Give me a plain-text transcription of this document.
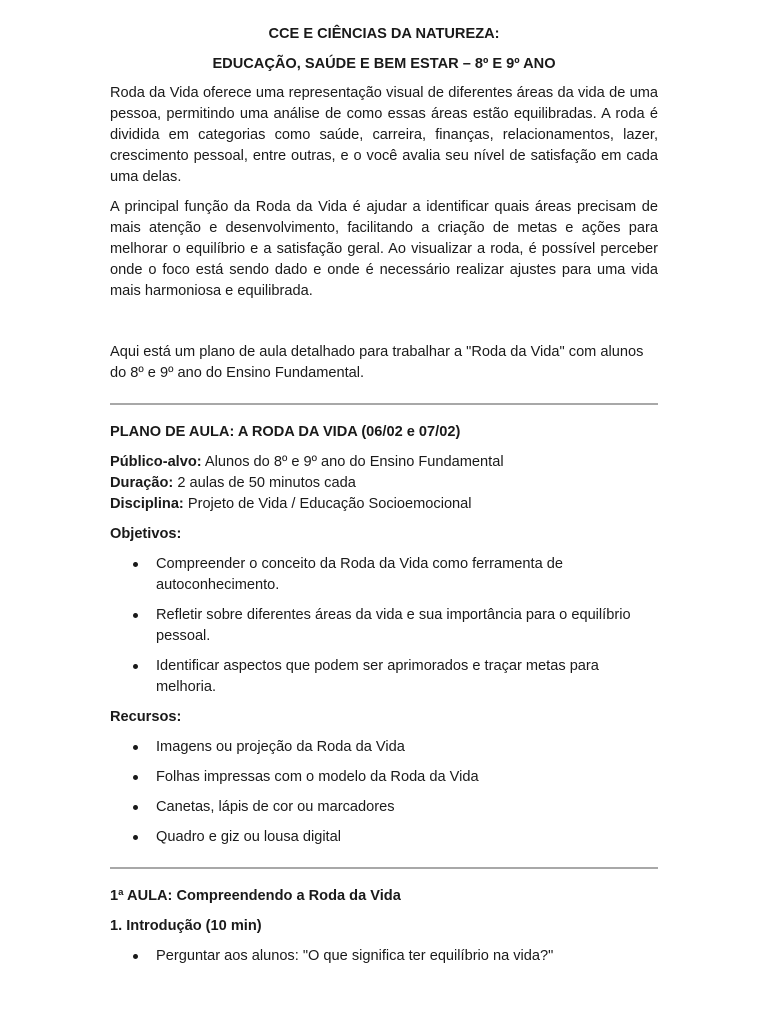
CCE E CIÊNCIAS DA NATUREZA:
EDUCAÇÃO, SAÚDE E BEM ESTAR – 8º E 9º ANO

Roda da Vida oferece uma representação visual de diferentes áreas da vida de uma pessoa, permitindo uma análise de como essas áreas estão equilibradas. A roda é dividida em categorias como saúde, carreira, finanças, relacionamentos, lazer, crescimento pessoal, entre outras, e o você avalia seu nível de satisfação em cada uma delas.

A principal função da Roda da Vida é ajudar a identificar quais áreas precisam de mais atenção e desenvolvimento, facilitando a criação de metas e ações para melhorar o equilíbrio e a satisfação geral. Ao visualizar a roda, é possível perceber onde o foco está sendo dado e onde é necessário realizar ajustes para uma vida mais harmoniosa e equilibrada.

Aqui está um plano de aula detalhado para trabalhar a "Roda da Vida" com alunos do 8º e 9º ano do Ensino Fundamental.

PLANO DE AULA: A RODA DA VIDA (06/02 e 07/02)
Público-alvo: Alunos do 8º e 9º ano do Ensino Fundamental
Duração: 2 aulas de 50 minutos cada
Disciplina: Projeto de Vida / Educação Socioemocional
Objetivos:
Compreender o conceito da Roda da Vida como ferramenta de autoconhecimento.
Refletir sobre diferentes áreas da vida e sua importância para o equilíbrio pessoal.
Identificar aspectos que podem ser aprimorados e traçar metas para melhoria.
Recursos:
Imagens ou projeção da Roda da Vida
Folhas impressas com o modelo da Roda da Vida
Canetas, lápis de cor ou marcadores
Quadro e giz ou lousa digital
1ª AULA: Compreendendo a Roda da Vida
1. Introdução (10 min)
Perguntar aos alunos: "O que significa ter equilíbrio na vida?"
